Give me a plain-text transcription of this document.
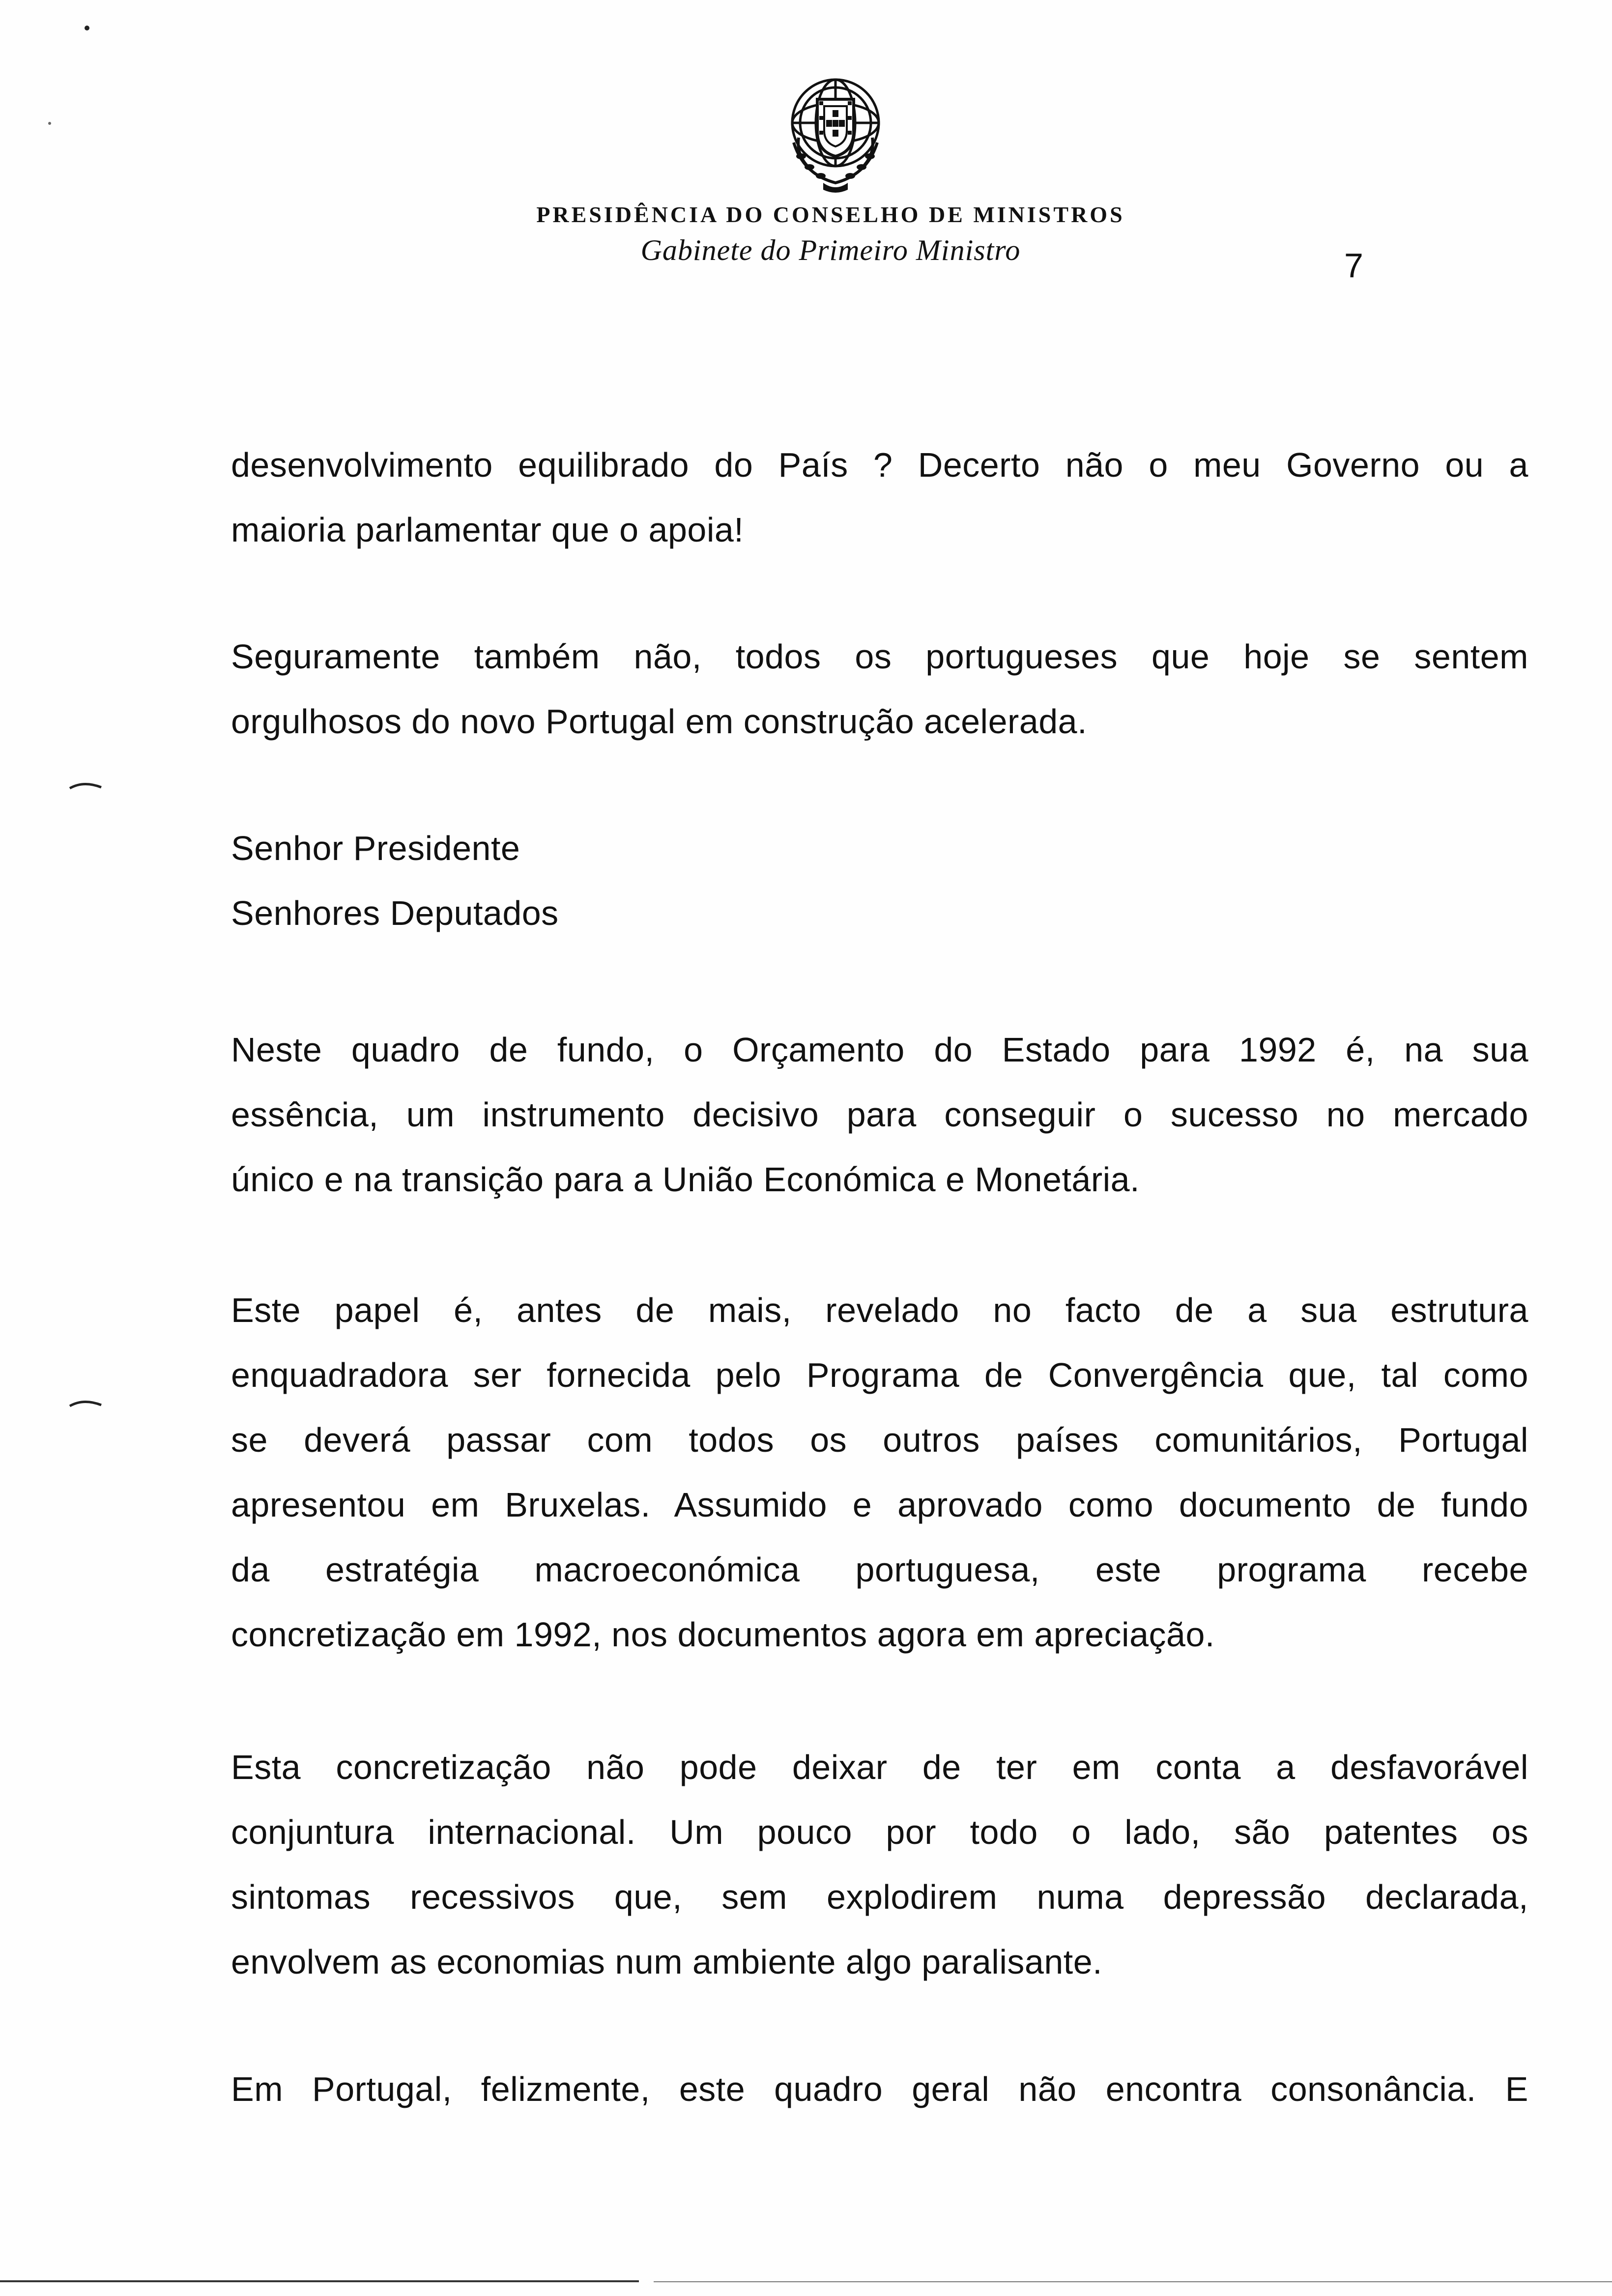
PRESIDÊNCIA DO CONSELHO DE MINISTROS
Gabinete do Primeiro Ministro	7
desenvolvimento equilibrado do País ? Decerto não o meu Governo ou a
maioria parlamentar que o apoia!
Seguramente também não, todos os portugueses que hoje se sentem
orgulhosos do novo Portugal em construção acelerada.
Senhor Presidente
Senhores Deputados
Neste quadro de fundo, o Orçamento do Estado para 1992 é, na sua
essência, um instrumento decisivo para conseguir o sucesso no mercado
único e na transição para a União Económica e Monetária.
Este papel é, antes de mais, revelado no facto de a sua estrutura
enquadradora ser fornecida pelo Programa de Convergência que, tal como
se deverá passar com todos os outros países comunitários, Portugal
apresentou em Bruxelas. Assumido e aprovado como documento de fundo
da estratégia macroeconómica portuguesa, este programa recebe
concretização em 1992, nos documentos agora em apreciação.
Esta concretização não pode deixar de ter em conta a desfavorável
conjuntura internacional. Um pouco por todo o lado, são patentes os
sintomas recessivos que, sem explodirem numa depressão declarada,
envolvem as economias num ambiente algo paralisante.
Em Portugal, felizmente, este quadro geral não encontra consonância. E
